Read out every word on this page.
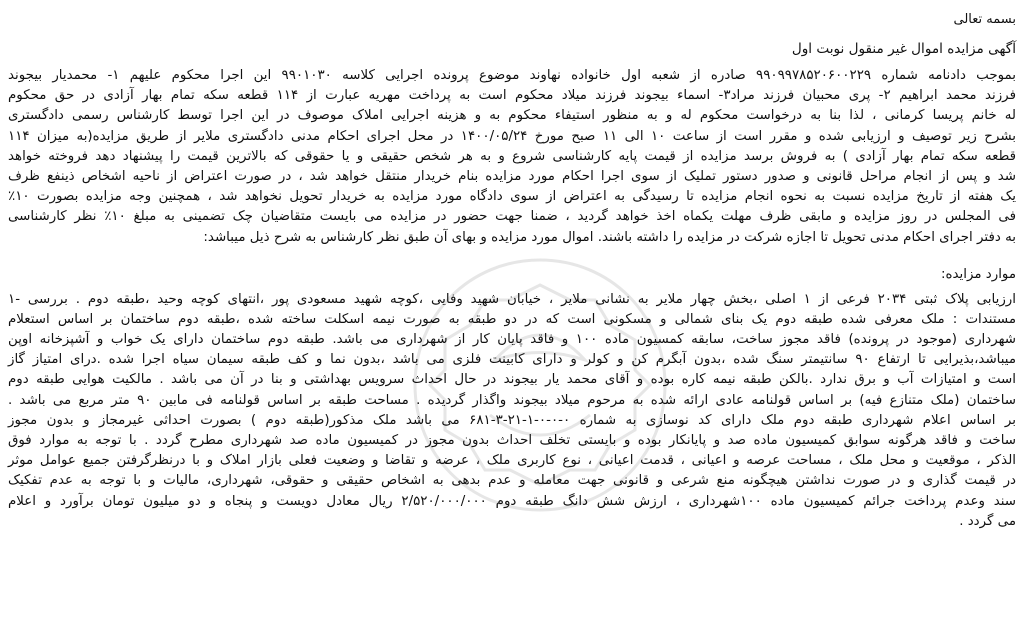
بسمه تعالی
آگهی مزایده اموال غیر منقول نوبت اول
بموجب دادنامه شماره ۹۹۰۹۹۷۸۵۲۰۶۰۰۲۲۹ صادره از شعبه اول خانواده نهاوند موضوع پرونده اجرایی کلاسه ۹۹۰۱۰۳۰ این اجرا محکوم علیهم ۱- محمدیار بیجوند
فرزند محمد ابراهیم ۲- پری محبیان فرزند مراد۳- اسماء بیجوند فرزند میلاد محکوم است به پرداخت مهریه عبارت از ۱۱۴ قطعه سکه تمام بهار آزادی در حق محکوم
له خانم پریسا کرمانی ، لذا بنا به درخواست محکوم له و به منظور استیفاء محکوم به و هزینه اجرایی املاک موصوف در این اجرا توسط کارشناس رسمی دادگستری
بشرح زیر توصیف و ارزیابی شده و مقرر است از ساعت ۱۰ الی ۱۱ صبح مورخ ۱۴۰۰/۰۵/۲۴ در محل اجرای احکام مدنی دادگستری ملایر از طریق مزایده(به میزان ۱۱۴
قطعه سکه تمام بهار آزادی ) به فروش برسد مزایده از قیمت پایه کارشناسی شروع و به هر شخص حقیقی و یا حقوقی که بالاترین قیمت را پیشنهاد دهد فروخته خواهد
شد و پس از انجام مراحل قانونی و صدور دستور تملیک از سوی اجرا احکام مورد مزایده بنام خریدار منتقل خواهد شد ، در صورت اعتراض از ناحیه اشخاص ذینفع ظرف
یک هفته از تاریخ مزایده نسبت به نحوه انجام مزایده تا رسیدگی به اعتراض از سوی دادگاه مورد مزایده به خریدار تحویل نخواهد شد ، همچنین وجه مزایده بصورت ۱۰٪
فی المجلس در روز مزایده و مابقی ظرف مهلت یکماه اخذ خواهد گردید ، ضمنا جهت حضور در مزایده می بایست متقاضیان چک تضمینی به مبلغ ۱۰٪ نظر کارشناسی
به دفتر اجرای احکام مدنی تحویل تا اجازه شرکت در مزایده را داشته باشند. اموال مورد مزایده و بهای آن طبق نظر کارشناس به شرح ذیل میباشد:
موارد مزایده:
ارزیابی پلاک ثبتی ۲۰۳۴ فرعی از ۱ اصلی ،بخش چهار ملایر به نشانی ملایر ، خیابان شهید وفایی ،کوچه شهید مسعودی پور ،انتهای کوچه وحید ،طبقه دوم . بررسی -۱
مستندات : ملک معرفی شده طبقه دوم یک بنای شمالی و مسکونی است که در دو طبقه به صورت نیمه اسکلت ساخته شده ،طبقه دوم ساختمان بر اساس استعلام
شهرداری (موجود در پرونده) فاقد مجوز ساخت، سابقه کمسیون ماده ۱۰۰ و فاقد پایان کار از شهرداری می باشد. طبقه دوم ساختمان دارای یک خواب و آشپزخانه اوپن
میباشد،بذیرایی تا ارتفاع ۹۰ سانتیمتر سنگ شده ،بدون آبگرم کن و کولر و دارای کابینت فلزی می باشد ،بدون نما و کف طبقه سیمان سیاه اجرا شده .درای امتیاز گاز
است و امتیازات آب و برق ندارد .بالکن طبقه نیمه کاره بوده و آقای محمد یار بیجوند در حال احداث سرویس بهداشتی و بنا در آن می باشد . مالکیت هوایی طبقه دوم
ساختمان (ملک متنازع فیه) بر اساس قولنامه عادی ارائه شده به مرحوم میلاد بیجوند واگذار گردیده . مساحت طبقه بر اساس قولنامه فی مابین ۹۰ متر مربع می باشد .
بر اساس اعلام شهرداری طبقه دوم ملک دارای کد نوسازی به شماره ۰-۰-۰-۱-۲۱-۳-۶۸۱ می باشد ملک مذکور(طبقه دوم ) بصورت احداثی غیرمجاز و بدون مجوز
ساخت و فاقد هرگونه سوابق کمیسیون ماده صد و پایانکار بوده و بایستی تخلف احداث بدون مجوز در کمیسیون ماده صد شهرداری مطرح گردد . با توجه به موارد فوق
الذکر ، موقعیت و محل ملک ، مساحت عرصه و اعیانی ، قدمت اعیانی ، نوع کاربری ملک ، عرضه و تقاضا و وضعیت فعلی بازار املاک و با درنظرگرفتن جمیع عوامل موثر
در قیمت گذاری و در صورت نداشتن هیچگونه منع شرعی و قانونی جهت معامله و عدم بدهی به اشخاص حقیقی و حقوقی، شهرداری، مالیات و با توجه به عدم تفکیک
سند وعدم پرداخت جرائم کمیسیون ماده ۱۰۰شهرداری ، ارزش شش دانگ طبقه دوم ۲/۵۲۰/۰۰۰/۰۰۰ ریال معادل دویست و پنجاه و دو میلیون تومان برآورد و اعلام
می گردد .
